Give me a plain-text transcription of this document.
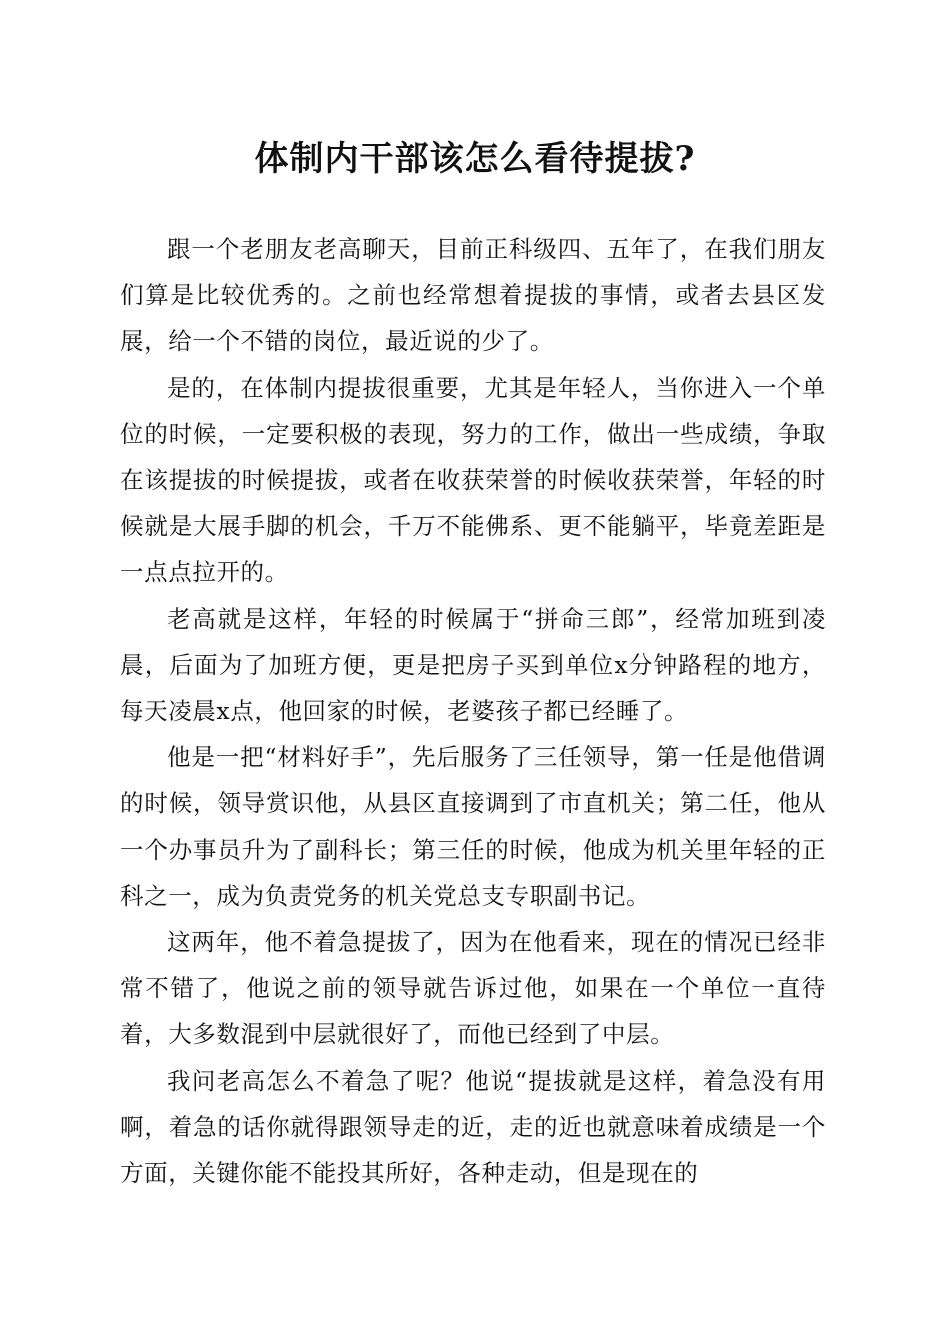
体制内干部该怎么看待提拔?

跟一个老朋友老高聊天，目前正科级四、五年了，在我们朋友们算是比较优秀的。之前也经常想着提拔的事情，或者去县区发展，给一个不错的岗位，最近说的少了。

是的，在体制内提拔很重要，尤其是年轻人，当你进入一个单位的时候，一定要积极的表现，努力的工作，做出一些成绩，争取在该提拔的时候提拔，或者在收获荣誉的时候收获荣誉，年轻的时候就是大展手脚的机会，千万不能佛系、更不能躺平，毕竟差距是一点点拉开的。

老高就是这样，年轻的时候属于“拼命三郎”，经常加班到凌晨，后面为了加班方便，更是把房子买到单位x分钟路程的地方，每天凌晨x点，他回家的时候，老婆孩子都已经睡了。

他是一把“材料好手”，先后服务了三任领导，第一任是他借调的时候，领导赏识他，从县区直接调到了市直机关；第二任，他从一个办事员升为了副科长；第三任的时候，他成为机关里年轻的正科之一，成为负责党务的机关党总支专职副书记。

这两年，他不着急提拔了，因为在他看来，现在的情况已经非常不错了，他说之前的领导就告诉过他，如果在一个单位一直待着，大多数混到中层就很好了，而他已经到了中层。

我问老高怎么不着急了呢？他说“提拔就是这样，着急没有用啊，着急的话你就得跟领导走的近，走的近也就意味着成绩是一个方面，关键你能不能投其所好，各种走动，但是现在的
